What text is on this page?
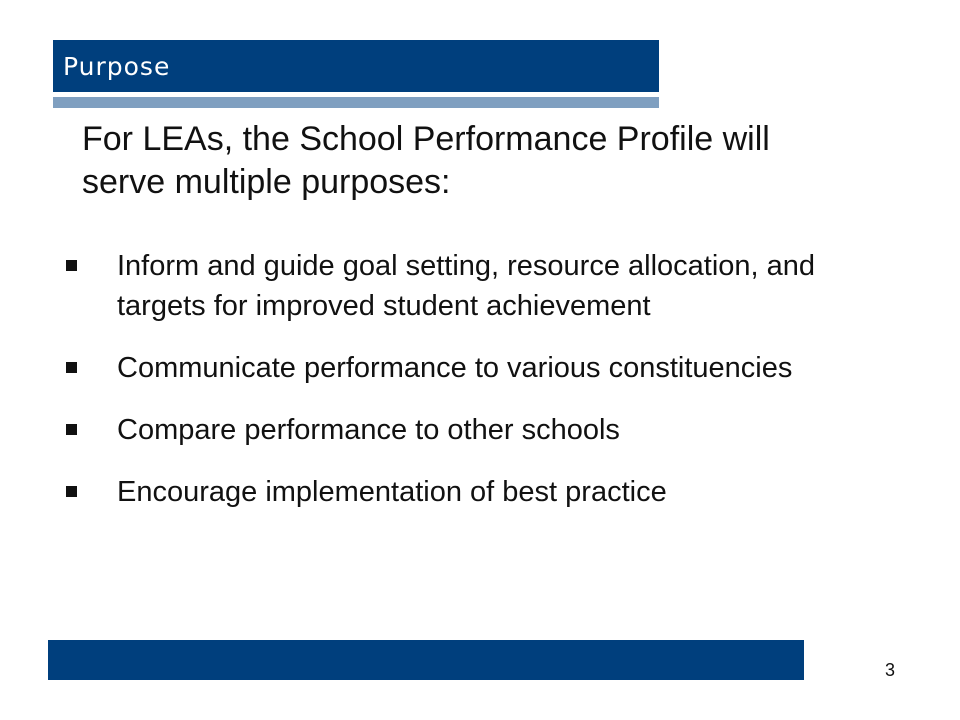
Purpose
For LEAs, the School Performance Profile will serve multiple purposes:
Inform and guide goal setting, resource allocation, and targets for improved student achievement
Communicate performance to various constituencies
Compare performance to other schools
Encourage implementation of best practice
3
